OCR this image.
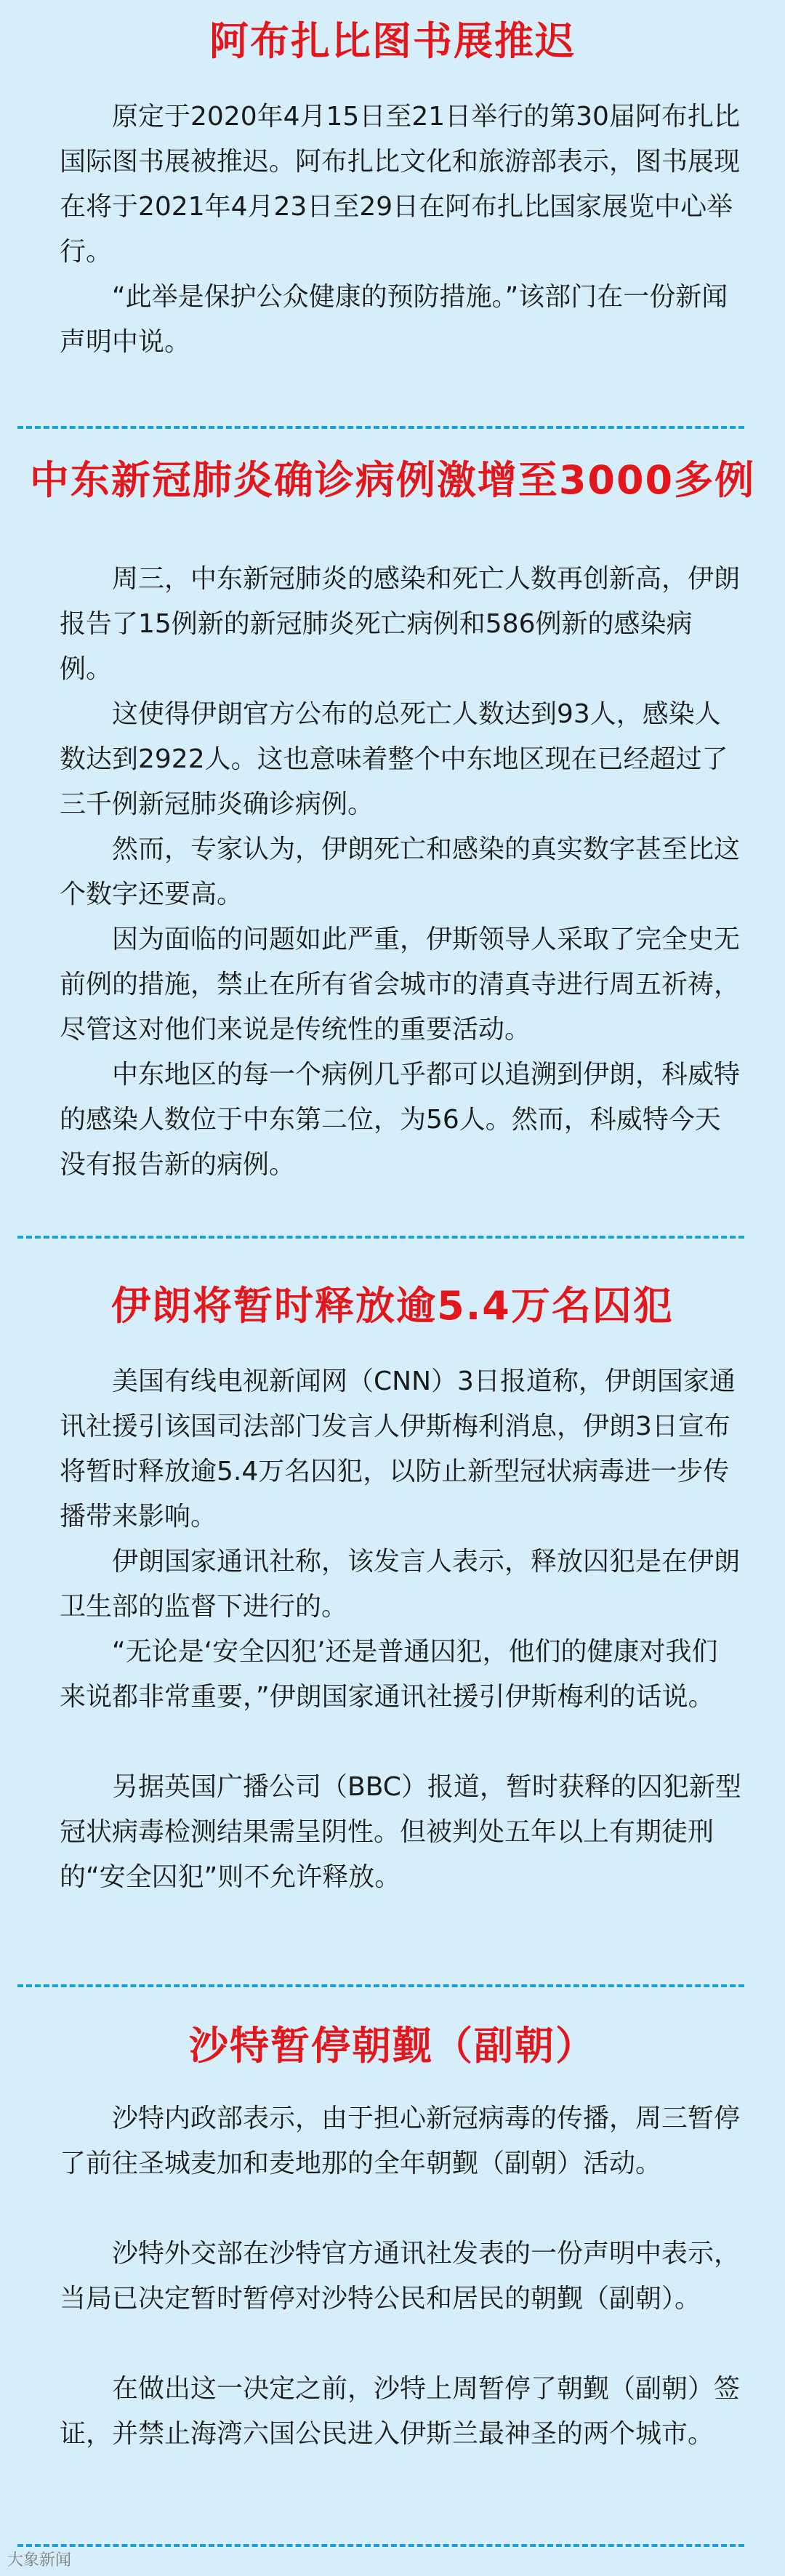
阿布扎比图书展推迟

原定于2020年4月15日至21日举行的第30届阿布扎比国际图书展被推迟。阿布扎比文化和旅游部表示，图书展现在将于2021年4月23日至29日在阿布扎比国家展览中心举行。

“此举是保护公众健康的预防措施。”该部门在一份新闻声明中说。

中东新冠肺炎确诊病例激增至3000多例

周三，中东新冠肺炎的感染和死亡人数再创新高，伊朗报告了15例新的新冠肺炎死亡病例和586例新的感染病例。

这使得伊朗官方公布的总死亡人数达到93人，感染人数达到2922人。这也意味着整个中东地区现在已经超过了三千例新冠肺炎确诊病例。

然而，专家认为，伊朗死亡和感染的真实数字甚至比这个数字还要高。

因为面临的问题如此严重，伊斯领导人采取了完全史无前例的措施，禁止在所有省会城市的清真寺进行周五祈祷，尽管这对他们来说是传统性的重要活动。

中东地区的每一个病例几乎都可以追溯到伊朗，科威特的感染人数位于中东第二位，为56人。然而，科威特今天没有报告新的病例。

伊朗将暂时释放逾5.4万名囚犯

美国有线电视新闻网（CNN）3日报道称，伊朗国家通讯社援引该国司法部门发言人伊斯梅利消息，伊朗3日宣布将暂时释放逾5.4万名囚犯，以防止新型冠状病毒进一步传播带来影响。

伊朗国家通讯社称，该发言人表示，释放囚犯是在伊朗卫生部的监督下进行的。

“无论是‘安全囚犯’还是普通囚犯，他们的健康对我们来说都非常重要，”伊朗国家通讯社援引伊斯梅利的话说。

另据英国广播公司（BBC）报道，暂时获释的囚犯新型冠状病毒检测结果需呈阴性。但被判处五年以上有期徒刑的“安全囚犯”则不允许释放。

沙特暂停朝觐（副朝）

沙特内政部表示，由于担心新冠病毒的传播，周三暂停了前往圣城麦加和麦地那的全年朝觐（副朝）活动。

沙特外交部在沙特官方通讯社发表的一份声明中表示，当局已决定暂时暂停对沙特公民和居民的朝觐（副朝）。

在做出这一决定之前，沙特上周暂停了朝觐（副朝）签证，并禁止海湾六国公民进入伊斯兰最神圣的两个城市。

大象新闻
